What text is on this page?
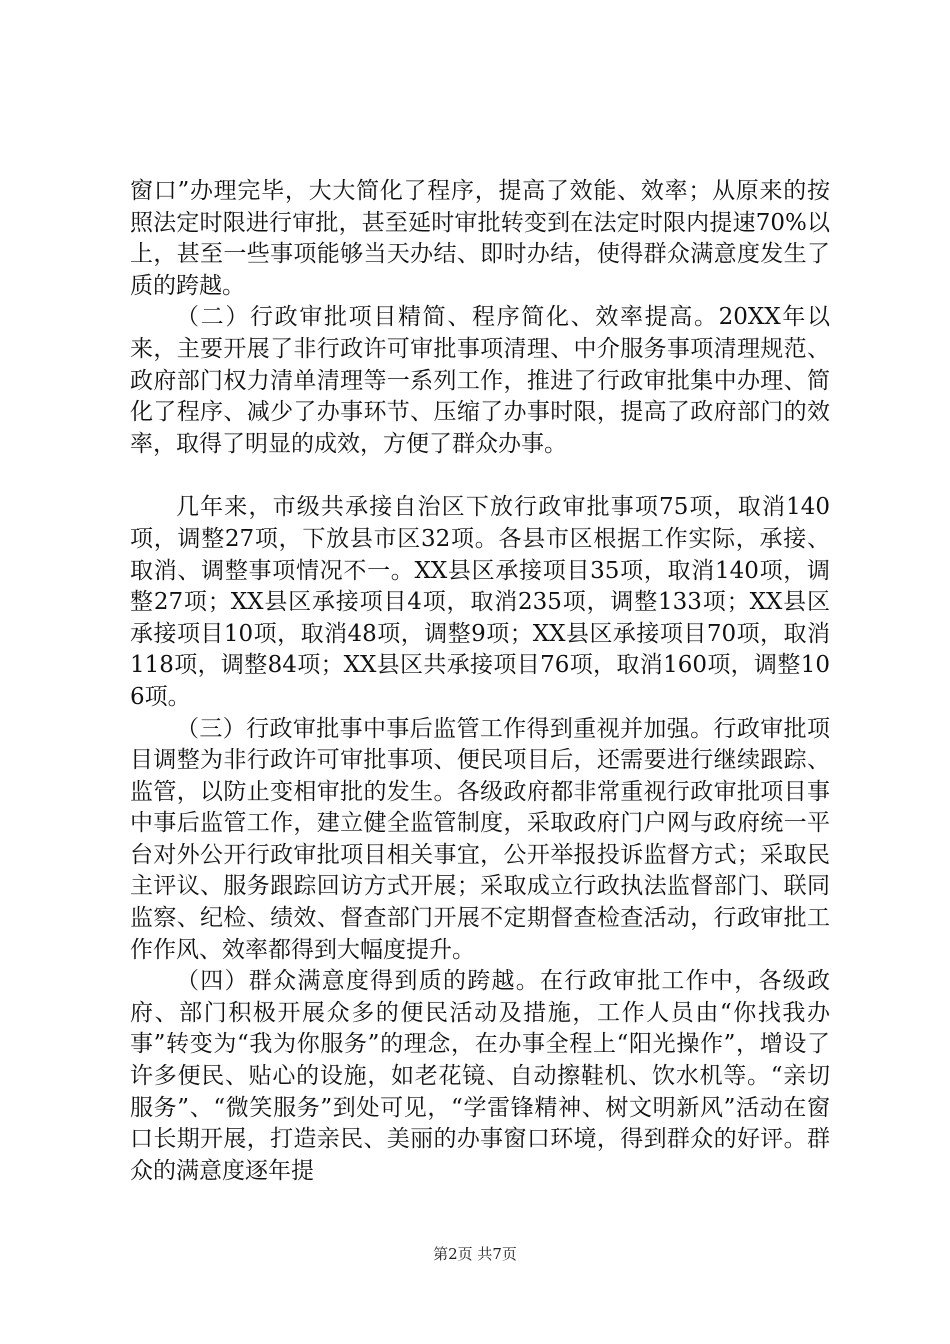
窗口”办理完毕，大大简化了程序，提高了效能、效率；从原来的按照法定时限进行审批，甚至延时审批转变到在法定时限内提速70%以上，甚至一些事项能够当天办结、即时办结，使得群众满意度发生了质的跨越。

（二）行政审批项目精简、程序简化、效率提高。20XX年以来，主要开展了非行政许可审批事项清理、中介服务事项清理规范、政府部门权力清单清理等一系列工作，推进了行政审批集中办理、简化了程序、减少了办事环节、压缩了办事时限，提高了政府部门的效率，取得了明显的成效，方便了群众办事。

几年来，市级共承接自治区下放行政审批事项75项，取消140项，调整27项，下放县市区32项。各县市区根据工作实际，承接、取消、调整事项情况不一。XX县区承接项目35项，取消140项，调整27项；XX县区承接项目4项，取消235项，调整133项；XX县区承接项目10项，取消48项，调整9项；XX县区承接项目70项，取消118项，调整84项；XX县区共承接项目76项，取消160项，调整106项。

（三）行政审批事中事后监管工作得到重视并加强。行政审批项目调整为非行政许可审批事项、便民项目后，还需要进行继续跟踪、监管，以防止变相审批的发生。各级政府都非常重视行政审批项目事中事后监管工作，建立健全监管制度，采取政府门户网与政府统一平台对外公开行政审批项目相关事宜，公开举报投诉监督方式；采取民主评议、服务跟踪回访方式开展；采取成立行政执法监督部门、联同监察、纪检、绩效、督查部门开展不定期督查检查活动，行政审批工作作风、效率都得到大幅度提升。

（四）群众满意度得到质的跨越。在行政审批工作中，各级政府、部门积极开展众多的便民活动及措施，工作人员由“你找我办事”转变为“我为你服务”的理念，在办事全程上“阳光操作”，增设了许多便民、贴心的设施，如老花镜、自动擦鞋机、饮水机等。“亲切服务”、“微笑服务”到处可见，“学雷锋精神、树文明新风”活动在窗口长期开展，打造亲民、美丽的办事窗口环境，得到群众的好评。群众的满意度逐年提

第2页 共7页
